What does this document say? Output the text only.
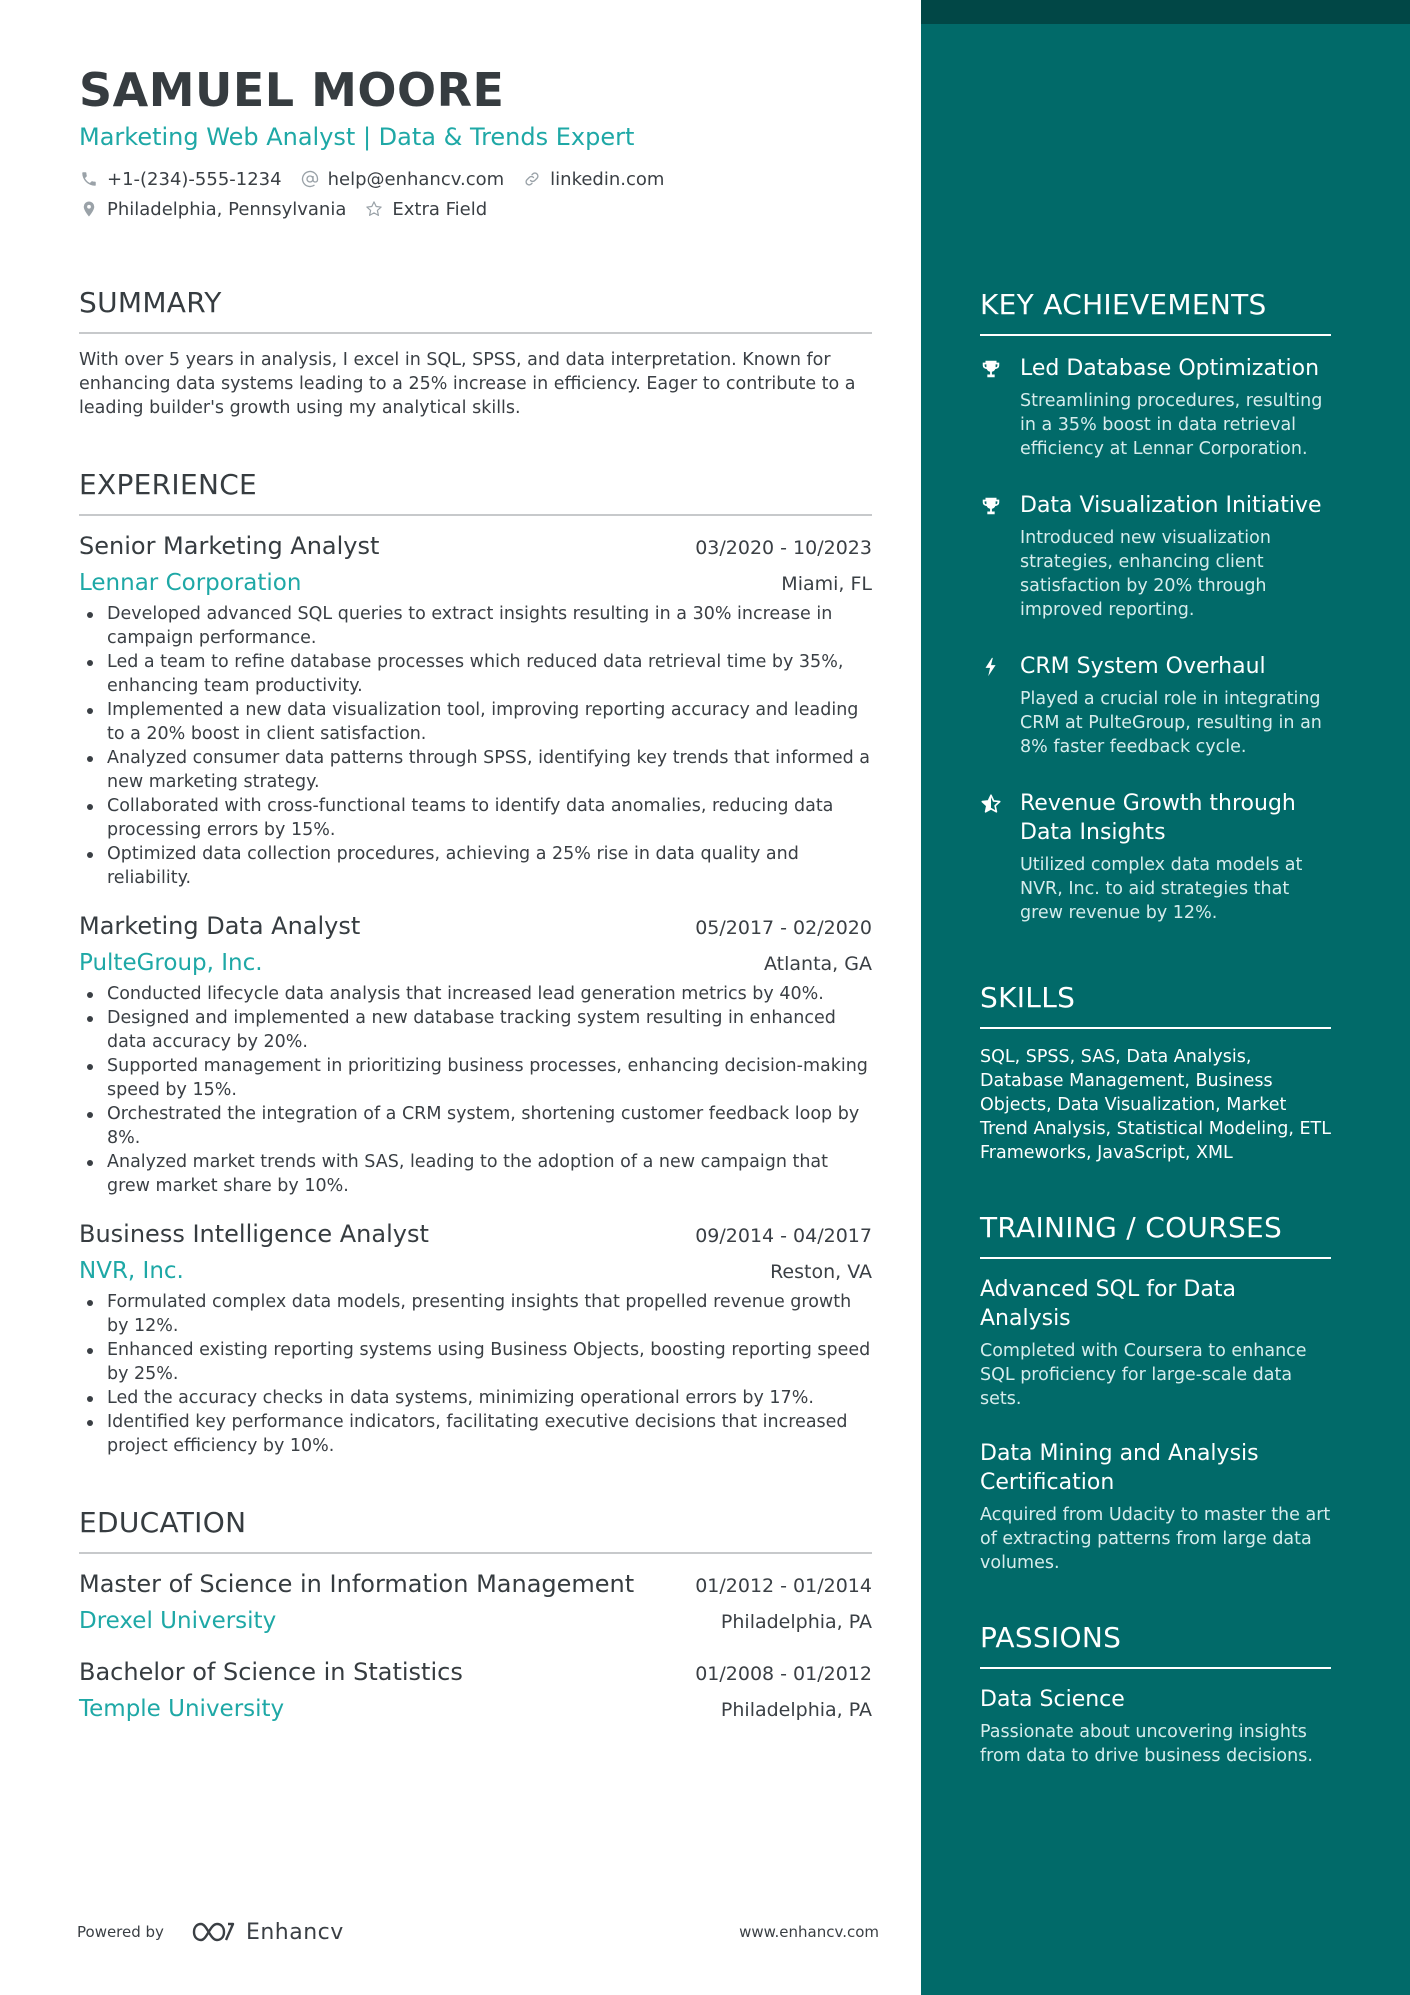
KEY ACHIEVEMENTS
Led Database Optimization
Streamlining procedures, resulting in a 35% boost in data retrieval efficiency at Lennar Corporation.
Data Visualization Initiative
Introduced new visualization strategies, enhancing client satisfaction by 20% through improved reporting.
CRM System Overhaul
Played a crucial role in integrating CRM at PulteGroup, resulting in an 8% faster feedback cycle.
Revenue Growth through Data Insights
Utilized complex data models at NVR, Inc. to aid strategies that grew revenue by 12%.
SKILLS
SQL, SPSS, SAS, Data Analysis, Database Management, Business Objects, Data Visualization, Market Trend Analysis, Statistical Modeling, ETL Frameworks, JavaScript, XML
TRAINING / COURSES
Advanced SQL for Data Analysis
Completed with Coursera to enhance SQL proficiency for large-scale data sets.
Data Mining and Analysis Certification
Acquired from Udacity to master the art of extracting patterns from large data volumes.
PASSIONS
Data Science
Passionate about uncovering insights from data to drive business decisions.
SAMUEL MOORE
Marketing Web Analyst | Data & Trends Expert
+1-(234)-555-1234	help@enhancv.com	linkedin.com
Philadelphia, Pennsylvania	Extra Field
SUMMARY
With over 5 years in analysis, I excel in SQL, SPSS, and data interpretation. Known for enhancing data systems leading to a 25% increase in efficiency. Eager to contribute to a leading builder's growth using my analytical skills.
EXPERIENCE
Senior Marketing Analyst	03/2020 - 10/2023
Lennar Corporation	Miami, FL
Developed advanced SQL queries to extract insights resulting in a 30% increase in campaign performance.
Led a team to refine database processes which reduced data retrieval time by 35%, enhancing team productivity.
Implemented a new data visualization tool, improving reporting accuracy and leading to a 20% boost in client satisfaction.
Analyzed consumer data patterns through SPSS, identifying key trends that informed a new marketing strategy.
Collaborated with cross-functional teams to identify data anomalies, reducing data processing errors by 15%.
Optimized data collection procedures, achieving a 25% rise in data quality and reliability.
Marketing Data Analyst	05/2017 - 02/2020
PulteGroup, Inc.	Atlanta, GA
Conducted lifecycle data analysis that increased lead generation metrics by 40%.
Designed and implemented a new database tracking system resulting in enhanced data accuracy by 20%.
Supported management in prioritizing business processes, enhancing decision-making speed by 15%.
Orchestrated the integration of a CRM system, shortening customer feedback loop by 8%.
Analyzed market trends with SAS, leading to the adoption of a new campaign that grew market share by 10%.
Business Intelligence Analyst	09/2014 - 04/2017
NVR, Inc.	Reston, VA
Formulated complex data models, presenting insights that propelled revenue growth by 12%.
Enhanced existing reporting systems using Business Objects, boosting reporting speed by 25%.
Led the accuracy checks in data systems, minimizing operational errors by 17%.
Identified key performance indicators, facilitating executive decisions that increased project efficiency by 10%.
EDUCATION
Master of Science in Information Management	01/2012 - 01/2014
Drexel University	Philadelphia, PA
Bachelor of Science in Statistics	01/2008 - 01/2012
Temple University	Philadelphia, PA
Powered by	Enhancv	www.enhancv.com
